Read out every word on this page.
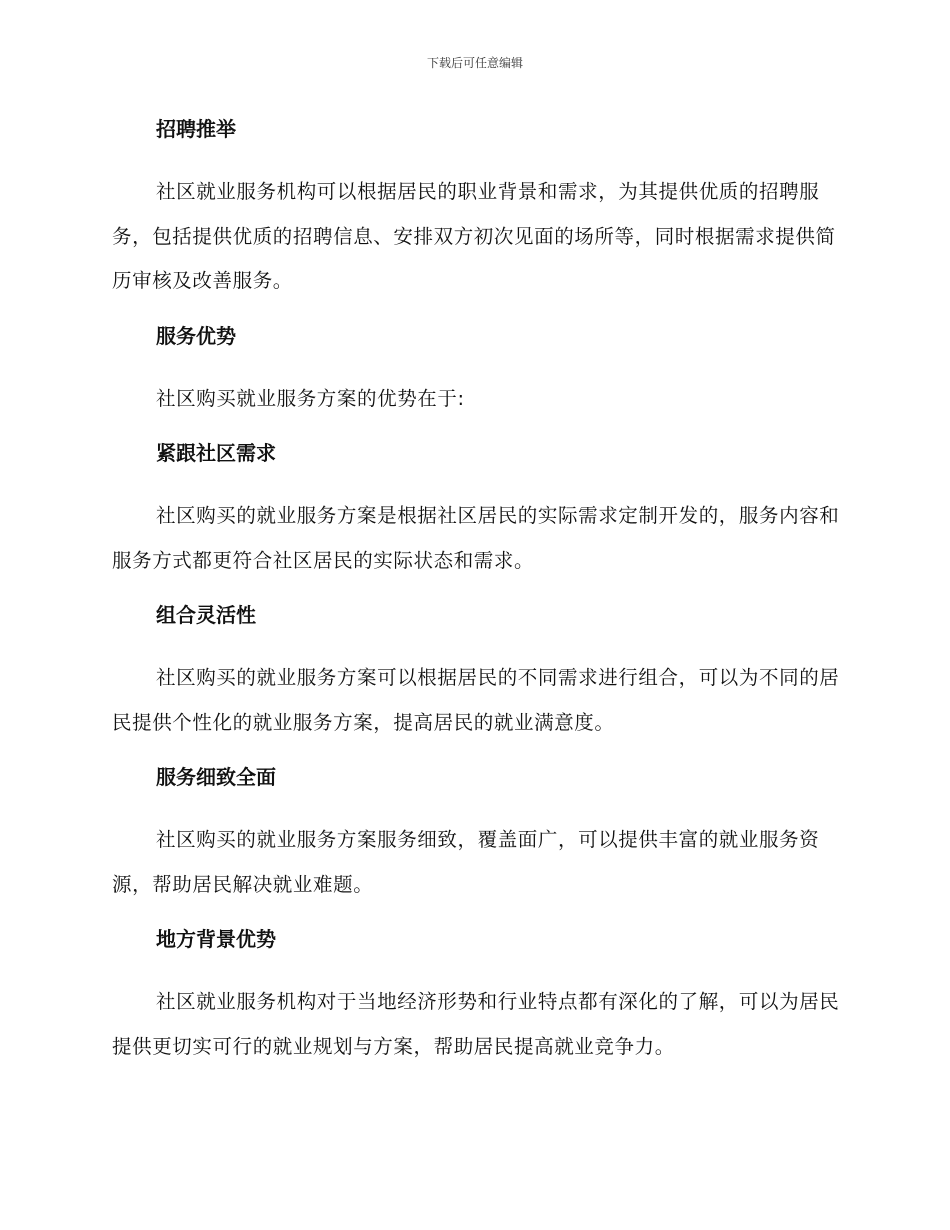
下载后可任意编辑
招聘推举

社区就业服务机构可以根据居民的职业背景和需求，为其提供优质的招聘服务，包括提供优质的招聘信息、安排双方初次见面的场所等，同时根据需求提供简历审核及改善服务。

服务优势

社区购买就业服务方案的优势在于:

紧跟社区需求

社区购买的就业服务方案是根据社区居民的实际需求定制开发的，服务内容和服务方式都更符合社区居民的实际状态和需求。

组合灵活性

社区购买的就业服务方案可以根据居民的不同需求进行组合，可以为不同的居民提供个性化的就业服务方案，提高居民的就业满意度。

服务细致全面

社区购买的就业服务方案服务细致，覆盖面广，可以提供丰富的就业服务资源，帮助居民解决就业难题。

地方背景优势

社区就业服务机构对于当地经济形势和行业特点都有深化的了解，可以为居民提供更切实可行的就业规划与方案，帮助居民提高就业竞争力。
